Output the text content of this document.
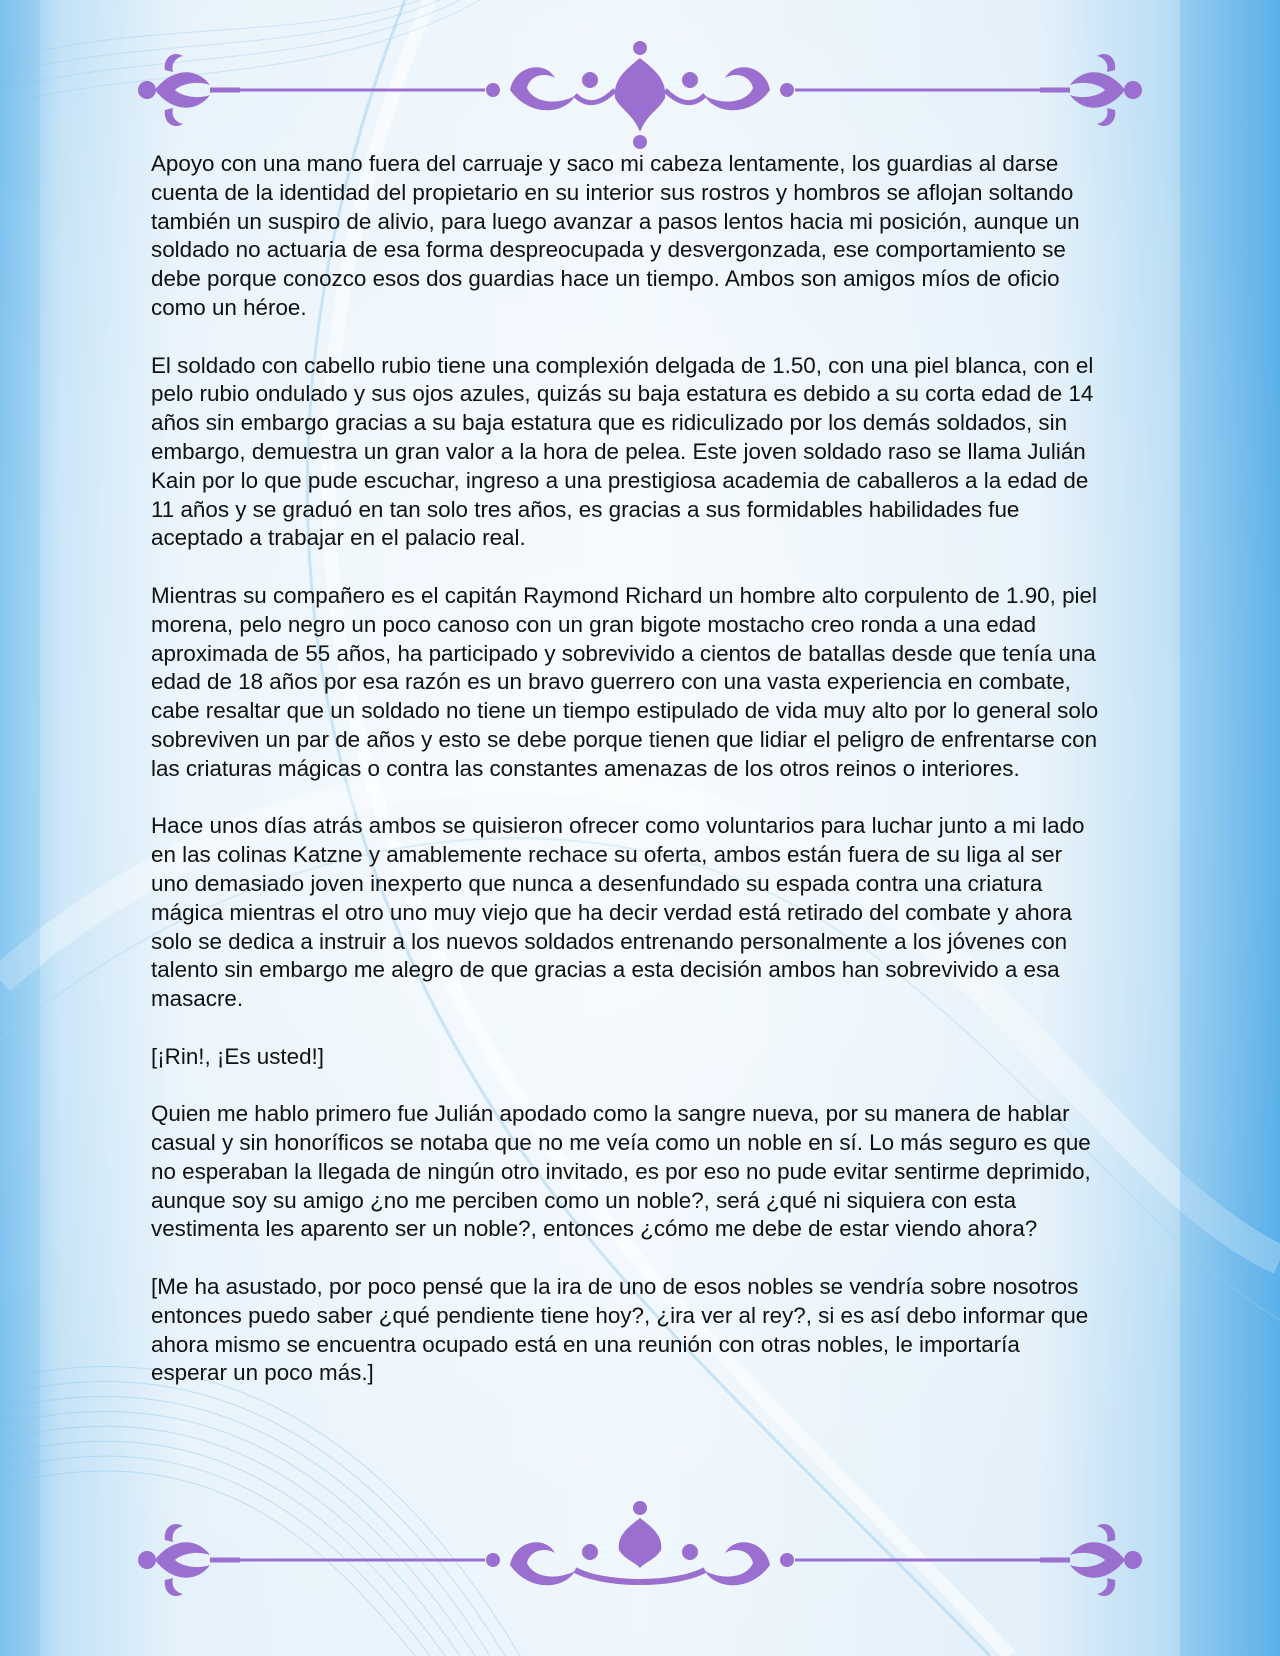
Apoyo con una mano fuera del carruaje y saco mi cabeza lentamente, los guardias al darse cuenta de la identidad del propietario en su interior sus rostros y hombros se aflojan soltando también un suspiro de alivio, para luego avanzar a pasos lentos hacia mi posición, aunque un soldado no actuaria de esa forma despreocupada y desvergonzada, ese comportamiento se debe porque conozco esos dos guardias hace un tiempo. Ambos son amigos míos de oficio como un héroe.

El soldado con cabello rubio tiene una complexión delgada de 1.50, con una piel blanca, con el pelo rubio ondulado y sus ojos azules, quizás su baja estatura es debido a su corta edad de 14 años sin embargo gracias a su baja estatura que es ridiculizado por los demás soldados, sin embargo, demuestra un gran valor a la hora de pelea. Este joven soldado raso se llama Julián Kain por lo que pude escuchar, ingreso a una prestigiosa academia de caballeros a la edad de 11 años y se graduó en tan solo tres años, es gracias a sus formidables habilidades fue aceptado a trabajar en el palacio real.

Mientras su compañero es el capitán Raymond Richard un hombre alto corpulento de 1.90, piel morena, pelo negro un poco canoso con un gran bigote mostacho creo ronda a una edad aproximada de 55 años, ha participado y sobrevivido a cientos de batallas desde que tenía una edad de 18 años por esa razón es un bravo guerrero con una vasta experiencia en combate, cabe resaltar que un soldado no tiene un tiempo estipulado de vida muy alto por lo general solo sobreviven un par de años y esto se debe porque tienen que lidiar el peligro de enfrentarse con las criaturas mágicas o contra las constantes amenazas de los otros reinos o interiores.

Hace unos días atrás ambos se quisieron ofrecer como voluntarios para luchar junto a mi lado en las colinas Katzne y amablemente rechace su oferta, ambos están fuera de su liga al ser uno demasiado joven inexperto que nunca a desenfundado su espada contra una criatura mágica mientras el otro uno muy viejo que ha decir verdad está retirado del combate y ahora solo se dedica a instruir a los nuevos soldados entrenando personalmente a los jóvenes con talento sin embargo me alegro de que gracias a esta decisión ambos han sobrevivido a esa masacre.

[¡Rin!, ¡Es usted!]

Quien me hablo primero fue Julián apodado como la sangre nueva, por su manera de hablar casual y sin honoríficos se notaba que no me veía como un noble en sí. Lo más seguro es que no esperaban la llegada de ningún otro invitado, es por eso no pude evitar sentirme deprimido, aunque soy su amigo ¿no me perciben como un noble?, será ¿qué ni siquiera con esta vestimenta les aparento ser un noble?, entonces ¿cómo me debe de estar viendo ahora?

[Me ha asustado, por poco pensé que la ira de uno de esos nobles se vendría sobre nosotros entonces puedo saber ¿qué pendiente tiene hoy?, ¿ira ver al rey?, si es así debo informar que ahora mismo se encuentra ocupado está en una reunión con otras nobles, le importaría esperar un poco más.]
